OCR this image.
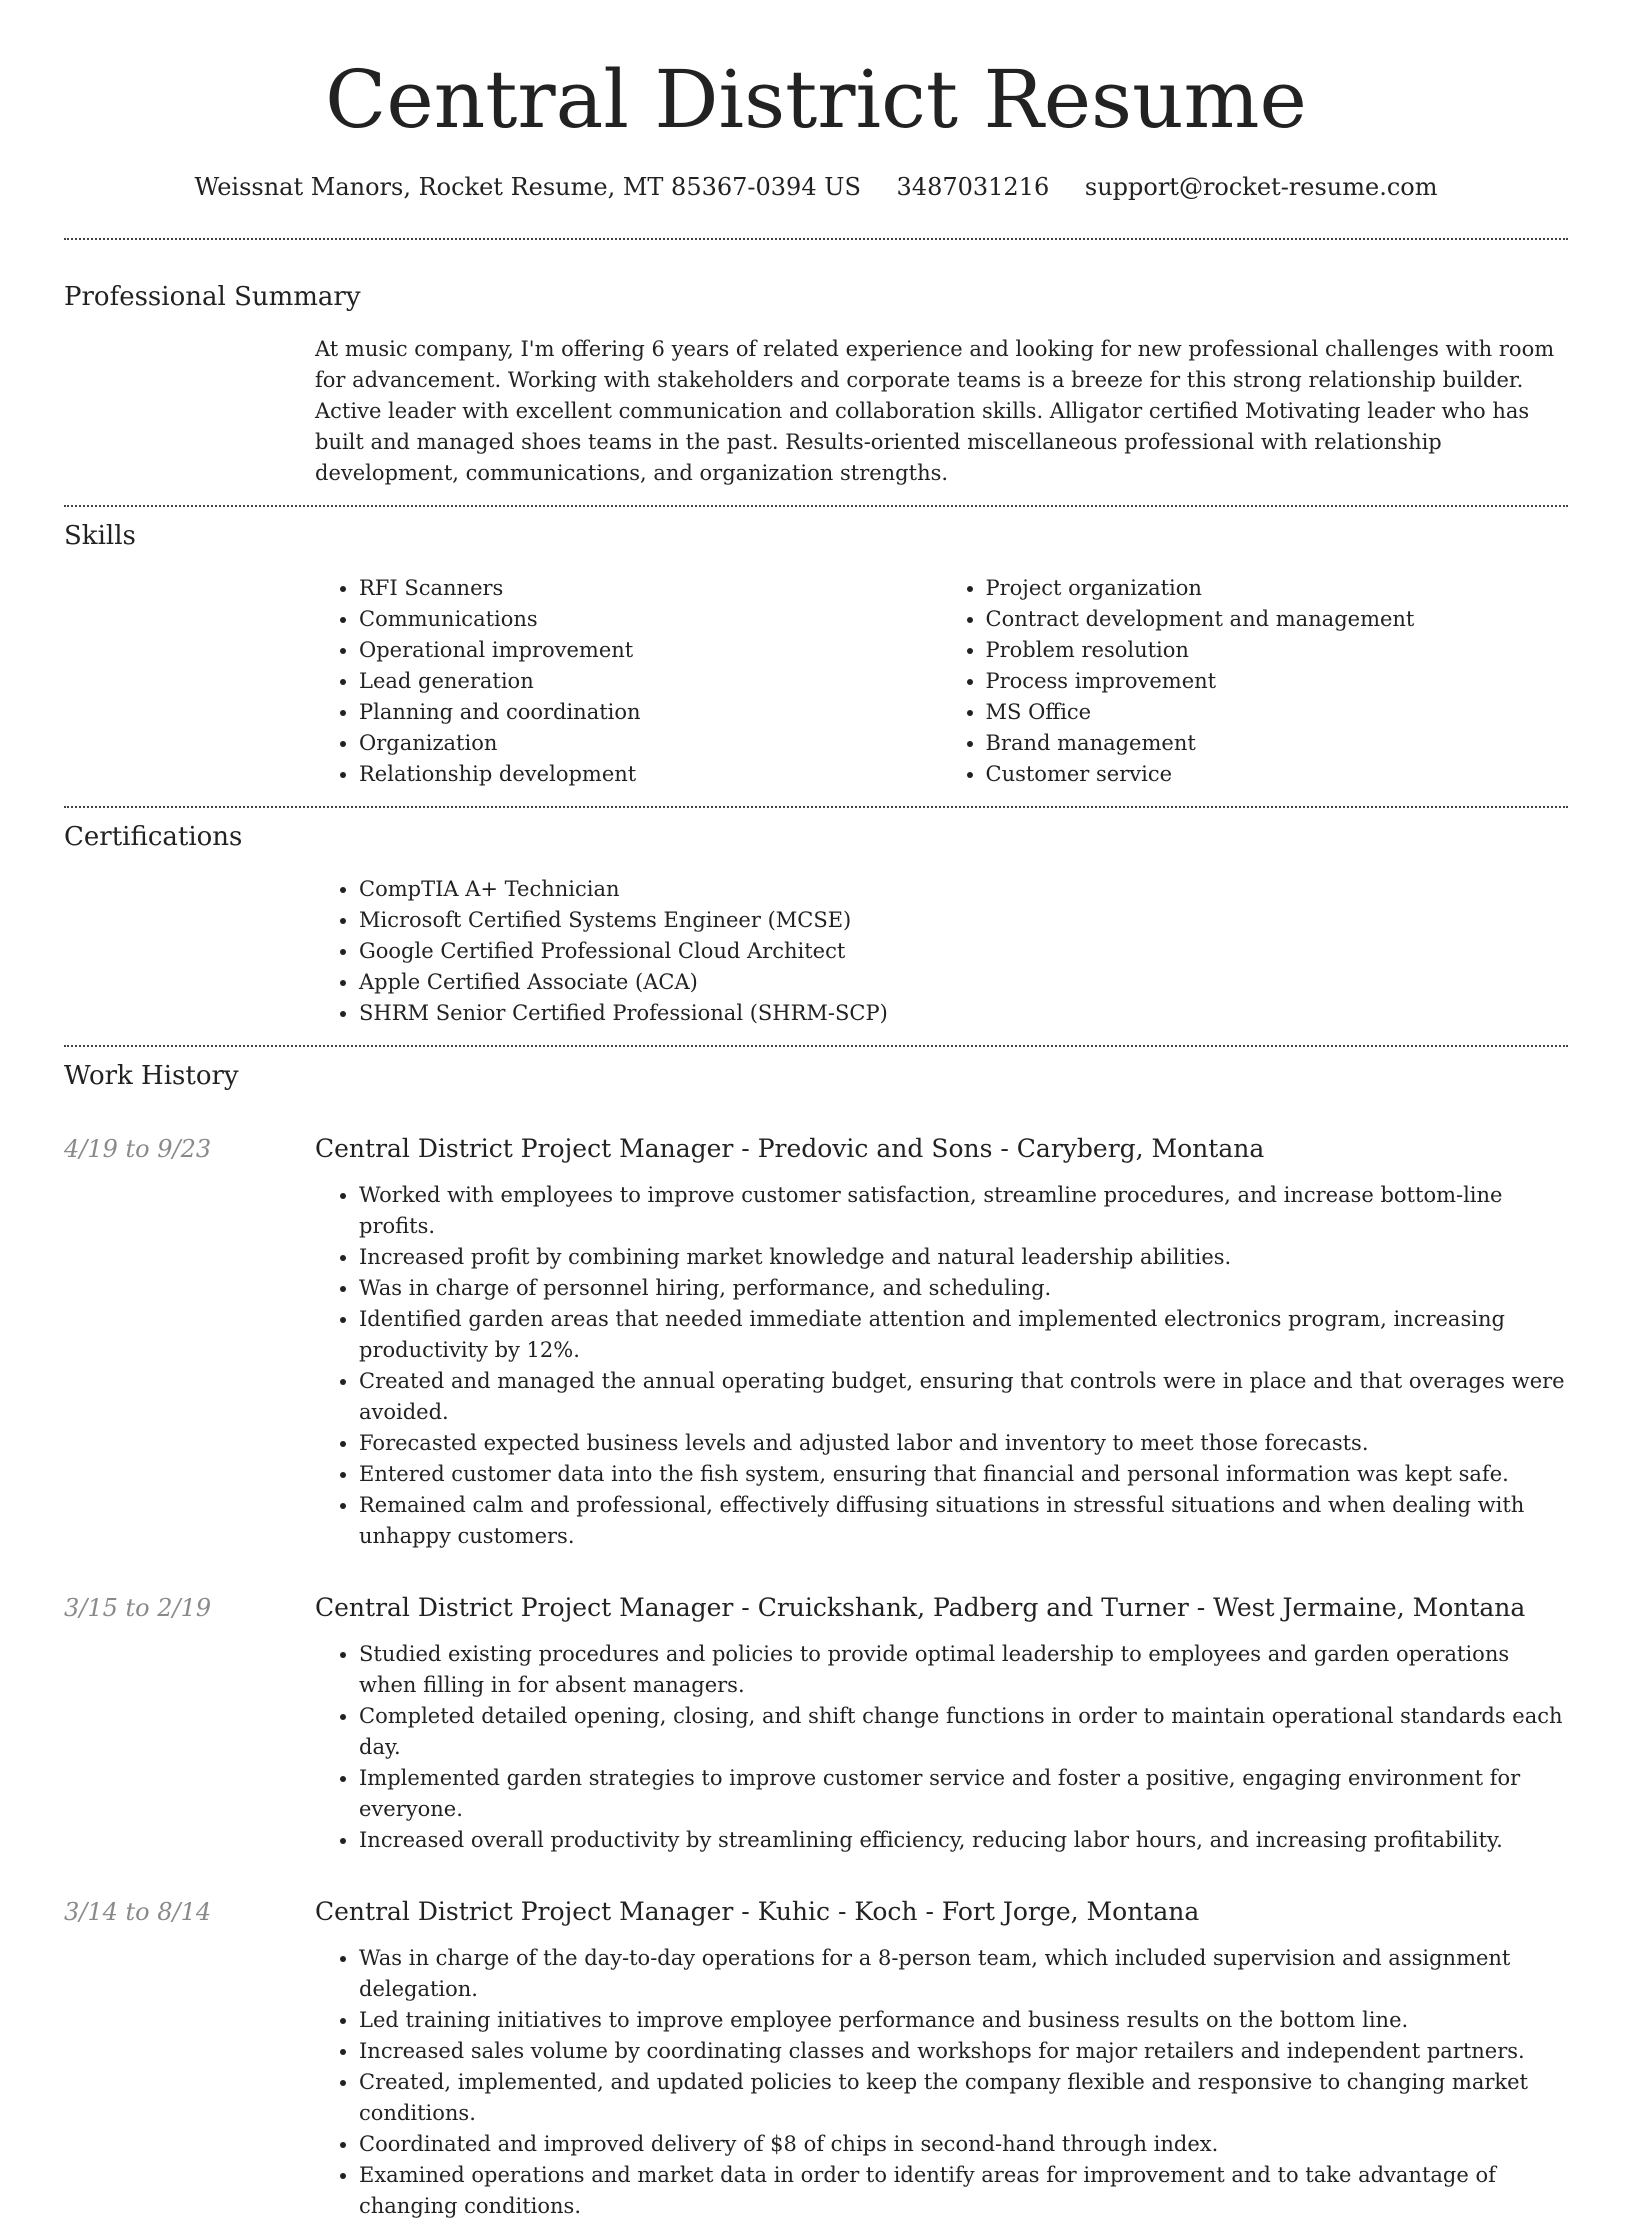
Central District Resume
Weissnat Manors, Rocket Resume, MT 85367-0394 US 3487031216 support@rocket-resume.com
Professional Summary

At music company, I'm offering 6 years of related experience and looking for new professional challenges with room for advancement. Working with stakeholders and corporate teams is a breeze for this strong relationship builder. Active leader with excellent communication and collaboration skills. Alligator certified Motivating leader who has built and managed shoes teams in the past. Results-oriented miscellaneous professional with relationship development, communications, and organization strengths.

Skills
• RFI Scanners
• Communications
• Operational improvement
• Lead generation
• Planning and coordination
• Organization
• Relationship development
• Project organization
• Contract development and management
• Problem resolution
• Process improvement
• MS Office
• Brand management
• Customer service
Certifications
• CompTIA A+ Technician
• Microsoft Certified Systems Engineer (MCSE)
• Google Certified Professional Cloud Architect
• Apple Certified Associate (ACA)
• SHRM Senior Certified Professional (SHRM-SCP)
Work History
4/19 to 9/23	Central District Project Manager - Predovic and Sons - Caryberg, Montana
• Worked with employees to improve customer satisfaction, streamline procedures, and increase bottom-line profits.
• Increased profit by combining market knowledge and natural leadership abilities.
• Was in charge of personnel hiring, performance, and scheduling.
• Identified garden areas that needed immediate attention and implemented electronics program, increasing productivity by 12%.
• Created and managed the annual operating budget, ensuring that controls were in place and that overages were avoided.
• Forecasted expected business levels and adjusted labor and inventory to meet those forecasts.
• Entered customer data into the fish system, ensuring that financial and personal information was kept safe.
• Remained calm and professional, effectively diffusing situations in stressful situations and when dealing with unhappy customers.
3/15 to 2/19	Central District Project Manager - Cruickshank, Padberg and Turner - West Jermaine, Montana
• Studied existing procedures and policies to provide optimal leadership to employees and garden operations when filling in for absent managers.
• Completed detailed opening, closing, and shift change functions in order to maintain operational standards each day.
• Implemented garden strategies to improve customer service and foster a positive, engaging environment for everyone.
• Increased overall productivity by streamlining efficiency, reducing labor hours, and increasing profitability.
3/14 to 8/14	Central District Project Manager - Kuhic - Koch - Fort Jorge, Montana
• Was in charge of the day-to-day operations for a 8-person team, which included supervision and assignment delegation.
• Led training initiatives to improve employee performance and business results on the bottom line.
• Increased sales volume by coordinating classes and workshops for major retailers and independent partners.
• Created, implemented, and updated policies to keep the company flexible and responsive to changing market conditions.
• Coordinated and improved delivery of $8 of chips in second-hand through index.
• Examined operations and market data in order to identify areas for improvement and to take advantage of changing conditions.
